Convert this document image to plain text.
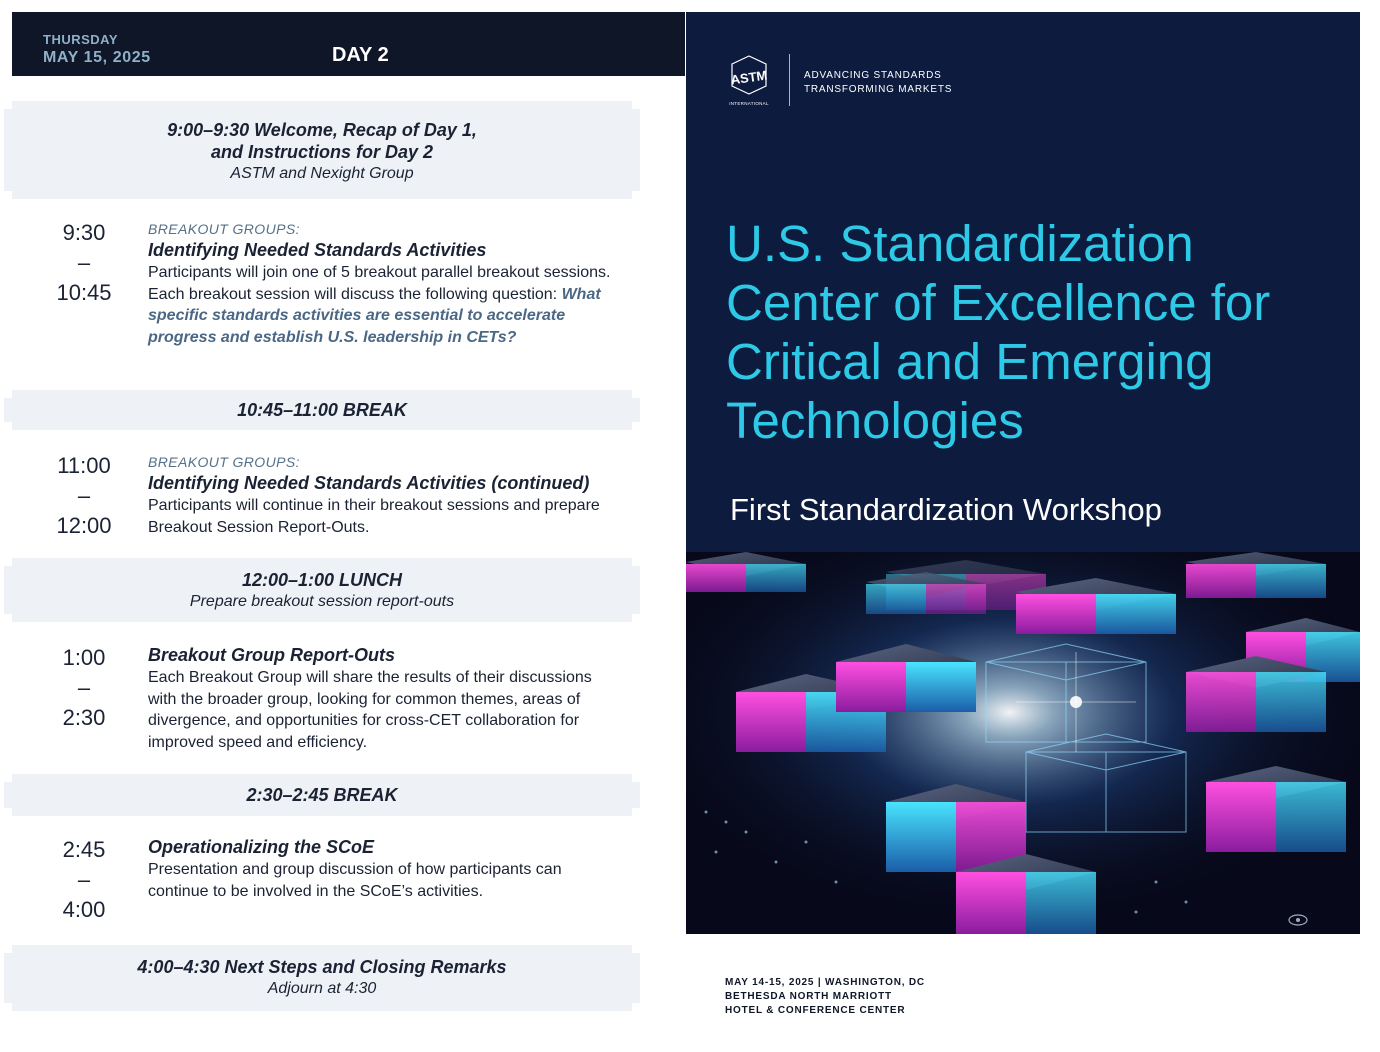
THURSDAY
MAY 15, 2025	DAY 2
9:00–9:30 Welcome, Recap of Day 1,
and Instructions for Day 2
ASTM and Nexight Group
9:30
–
10:45
BREAKOUT GROUPS:
Identifying Needed Standards Activities
Participants will join one of 5 breakout parallel breakout sessions. Each breakout session will discuss the following question: What specific standards activities are essential to accelerate progress and establish U.S. leadership in CETs?
10:45–11:00 BREAK
11:00
–
12:00
BREAKOUT GROUPS:
Identifying Needed Standards Activities (continued)
Participants will continue in their breakout sessions and prepare Breakout Session Report-Outs.
12:00–1:00 LUNCH
Prepare breakout session report-outs
1:00
–
2:30
Breakout Group Report-Outs
Each Breakout Group will share the results of their discussions with the broader group, looking for common themes, areas of divergence, and opportunities for cross-CET collaboration for improved speed and efficiency.
2:30–2:45 BREAK
2:45
–
4:00
Operationalizing the SCoE
Presentation and group discussion of how participants can continue to be involved in the SCoE’s activities.
4:00–4:30 Next Steps and Closing Remarks
Adjourn at 4:30
ASTM
INTERNATIONAL
ADVANCING STANDARDS
TRANSFORMING MARKETS
U.S. Standardization
Center of Excellence for
Critical and Emerging
Technologies
First Standardization Workshop
MAY 14-15, 2025 | WASHINGTON, DC
BETHESDA NORTH MARRIOTT
HOTEL & CONFERENCE CENTER
